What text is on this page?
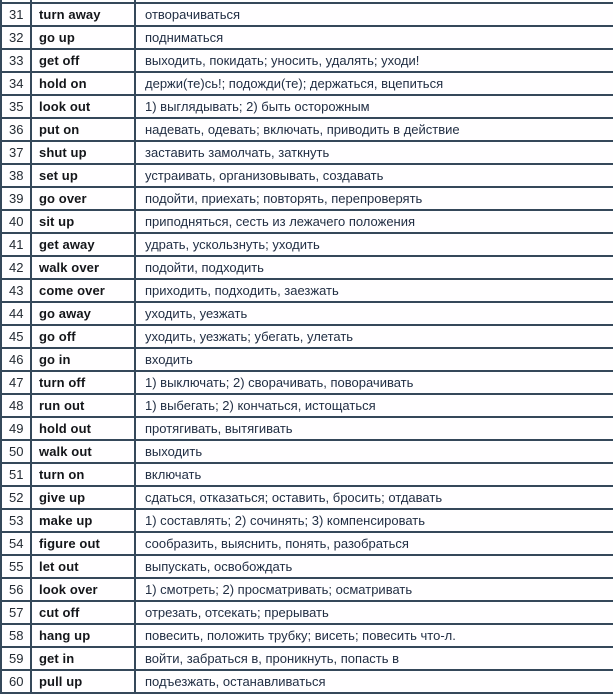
31	turn away	отворачиваться
32	go up	подниматься
33	get off	выходить, покидать; уносить, удалять; уходи!
34	hold on	держи(те)сь!; подожди(те); держаться, вцепиться
35	look out	1) выглядывать; 2) быть осторожным
36	put on	надевать, одевать; включать, приводить в действие
37	shut up	заставить замолчать, заткнуть
38	set up	устраивать, организовывать, создавать
39	go over	подойти, приехать; повторять, перепроверять
40	sit up	приподняться, сесть из лежачего положения
41	get away	удрать, ускользнуть; уходить
42	walk over	подойти, подходить
43	come over	приходить, подходить, заезжать
44	go away	уходить, уезжать
45	go off	уходить, уезжать; убегать, улетать
46	go in	входить
47	turn off	1) выключать; 2) сворачивать, поворачивать
48	run out	1) выбегать; 2) кончаться, истощаться
49	hold out	протягивать, вытягивать
50	walk out	выходить
51	turn on	включать
52	give up	сдаться, отказаться; оставить, бросить; отдавать
53	make up	1) составлять; 2) сочинять; 3) компенсировать
54	figure out	сообразить, выяснить, понять, разобраться
55	let out	выпускать, освобождать
56	look over	1) смотреть; 2) просматривать; осматривать
57	cut off	отрезать, отсекать; прерывать
58	hang up	повесить, положить трубку; висеть; повесить что-л.
59	get in	войти, забраться в, проникнуть, попасть в
60	pull up	подъезжать, останавливаться
